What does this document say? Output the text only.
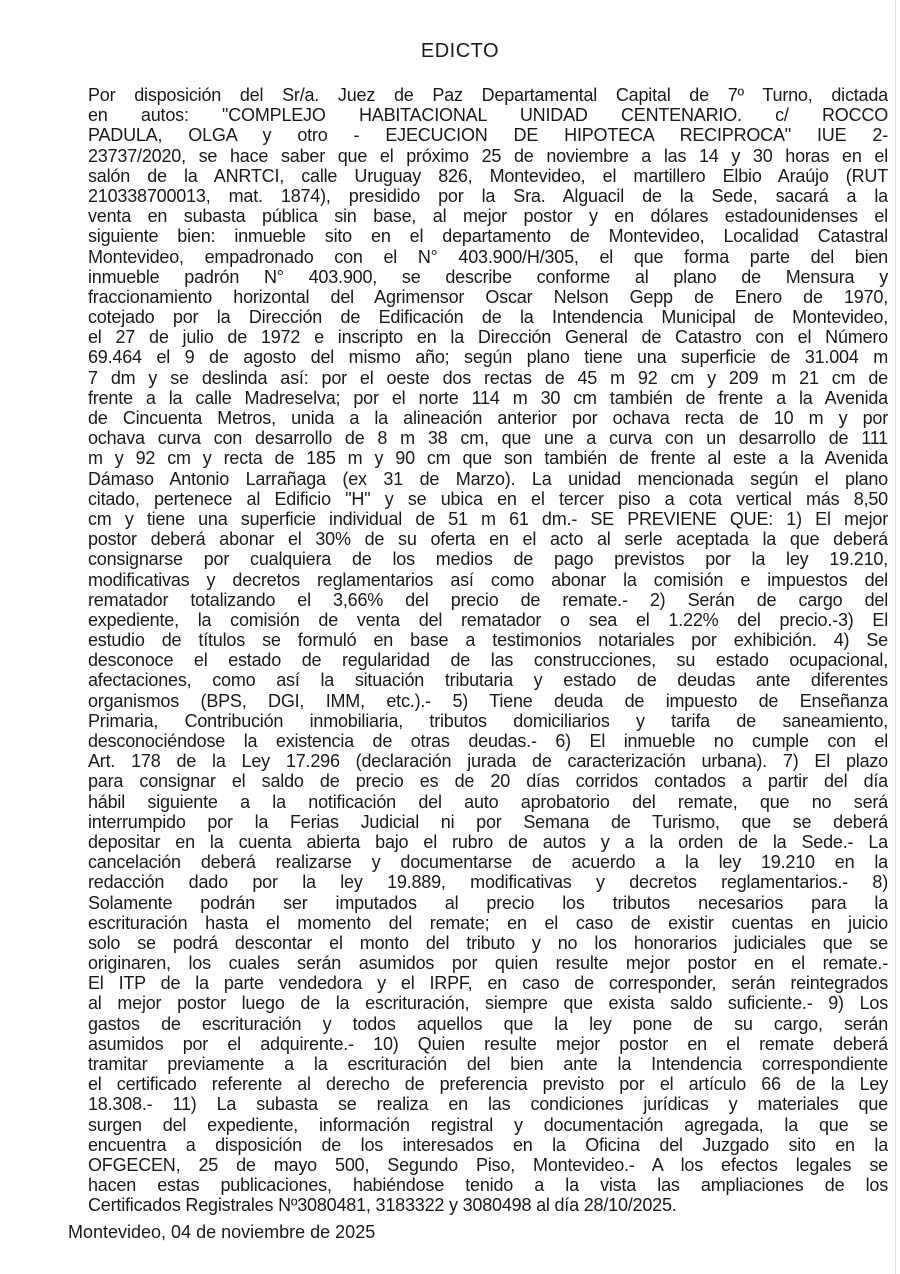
EDICTO
Por disposición del Sr/a. Juez de Paz Departamental Capital de 7º Turno, dictada
en autos: "COMPLEJO HABITACIONAL UNIDAD CENTENARIO. c/ ROCCO
PADULA, OLGA y otro - EJECUCION DE HIPOTECA RECIPROCA" IUE 2-
23737/2020, se hace saber que el próximo 25 de noviembre a las 14 y 30 horas en el
salón de la ANRTCI, calle Uruguay 826, Montevideo, el martillero Elbio Araújo (RUT
210338700013, mat. 1874), presidido por la Sra. Alguacil de la Sede, sacará a la
venta en subasta pública sin base, al mejor postor y en dólares estadounidenses el
siguiente bien: inmueble sito en el departamento de Montevideo, Localidad Catastral
Montevideo, empadronado con el N° 403.900/H/305, el que forma parte del bien
inmueble padrón N° 403.900, se describe conforme al plano de Mensura y
fraccionamiento horizontal del Agrimensor Oscar Nelson Gepp de Enero de 1970,
cotejado por la Dirección de Edificación de la Intendencia Municipal de Montevideo,
el 27 de julio de 1972 e inscripto en la Dirección General de Catastro con el Número
69.464 el 9 de agosto del mismo año; según plano tiene una superficie de 31.004 m
7 dm y se deslinda así: por el oeste dos rectas de 45 m 92 cm y 209 m 21 cm de
frente a la calle Madreselva; por el norte 114 m 30 cm también de frente a la Avenida
de Cincuenta Metros, unida a la alineación anterior por ochava recta de 10 m y por
ochava curva con desarrollo de 8 m 38 cm, que une a curva con un desarrollo de 111
m y 92 cm y recta de 185 m y 90 cm que son también de frente al este a la Avenida
Dámaso Antonio Larrañaga (ex 31 de Marzo). La unidad mencionada según el plano
citado, pertenece al Edificio "H" y se ubica en el tercer piso a cota vertical más 8,50
cm y tiene una superficie individual de 51 m 61 dm.- SE PREVIENE QUE: 1) El mejor
postor deberá abonar el 30% de su oferta en el acto al serle aceptada la que deberá
consignarse por cualquiera de los medios de pago previstos por la ley 19.210,
modificativas y decretos reglamentarios así como abonar la comisión e impuestos del
rematador totalizando el 3,66% del precio de remate.- 2) Serán de cargo del
expediente, la comisión de venta del rematador o sea el 1.22% del precio.-3) El
estudio de títulos se formuló en base a testimonios notariales por exhibición. 4) Se
desconoce el estado de regularidad de las construcciones, su estado ocupacional,
afectaciones, como así la situación tributaria y estado de deudas ante diferentes
organismos (BPS, DGI, IMM, etc.).- 5) Tiene deuda de impuesto de Enseñanza
Primaria, Contribución inmobiliaria, tributos domiciliarios y tarifa de saneamiento,
desconociéndose la existencia de otras deudas.- 6) El inmueble no cumple con el
Art. 178 de la Ley 17.296 (declaración jurada de caracterización urbana). 7) El plazo
para consignar el saldo de precio es de 20 días corridos contados a partir del día
hábil siguiente a la notificación del auto aprobatorio del remate, que no será
interrumpido por la Ferias Judicial ni por Semana de Turismo, que se deberá
depositar en la cuenta abierta bajo el rubro de autos y a la orden de la Sede.- La
cancelación deberá realizarse y documentarse de acuerdo a la ley 19.210 en la
redacción dado por la ley 19.889, modificativas y decretos reglamentarios.- 8)
Solamente podrán ser imputados al precio los tributos necesarios para la
escrituración hasta el momento del remate; en el caso de existir cuentas en juicio
solo se podrá descontar el monto del tributo y no los honorarios judiciales que se
originaren, los cuales serán asumidos por quien resulte mejor postor en el remate.-
El ITP de la parte vendedora y el IRPF, en caso de corresponder, serán reintegrados
al mejor postor luego de la escrituración, siempre que exista saldo suficiente.- 9) Los
gastos de escrituración y todos aquellos que la ley pone de su cargo, serán
asumidos por el adquirente.- 10) Quien resulte mejor postor en el remate deberá
tramitar previamente a la escrituración del bien ante la Intendencia correspondiente
el certificado referente al derecho de preferencia previsto por el artículo 66 de la Ley
18.308.- 11) La subasta se realiza en las condiciones jurídicas y materiales que
surgen del expediente, información registral y documentación agregada, la que se
encuentra a disposición de los interesados en la Oficina del Juzgado sito en la
OFGECEN, 25 de mayo 500, Segundo Piso, Montevideo.- A los efectos legales se
hacen estas publicaciones, habiéndose tenido a la vista las ampliaciones de los
Certificados Registrales Nº3080481, 3183322 y 3080498 al día 28/10/2025.
Montevideo, 04 de noviembre de 2025
